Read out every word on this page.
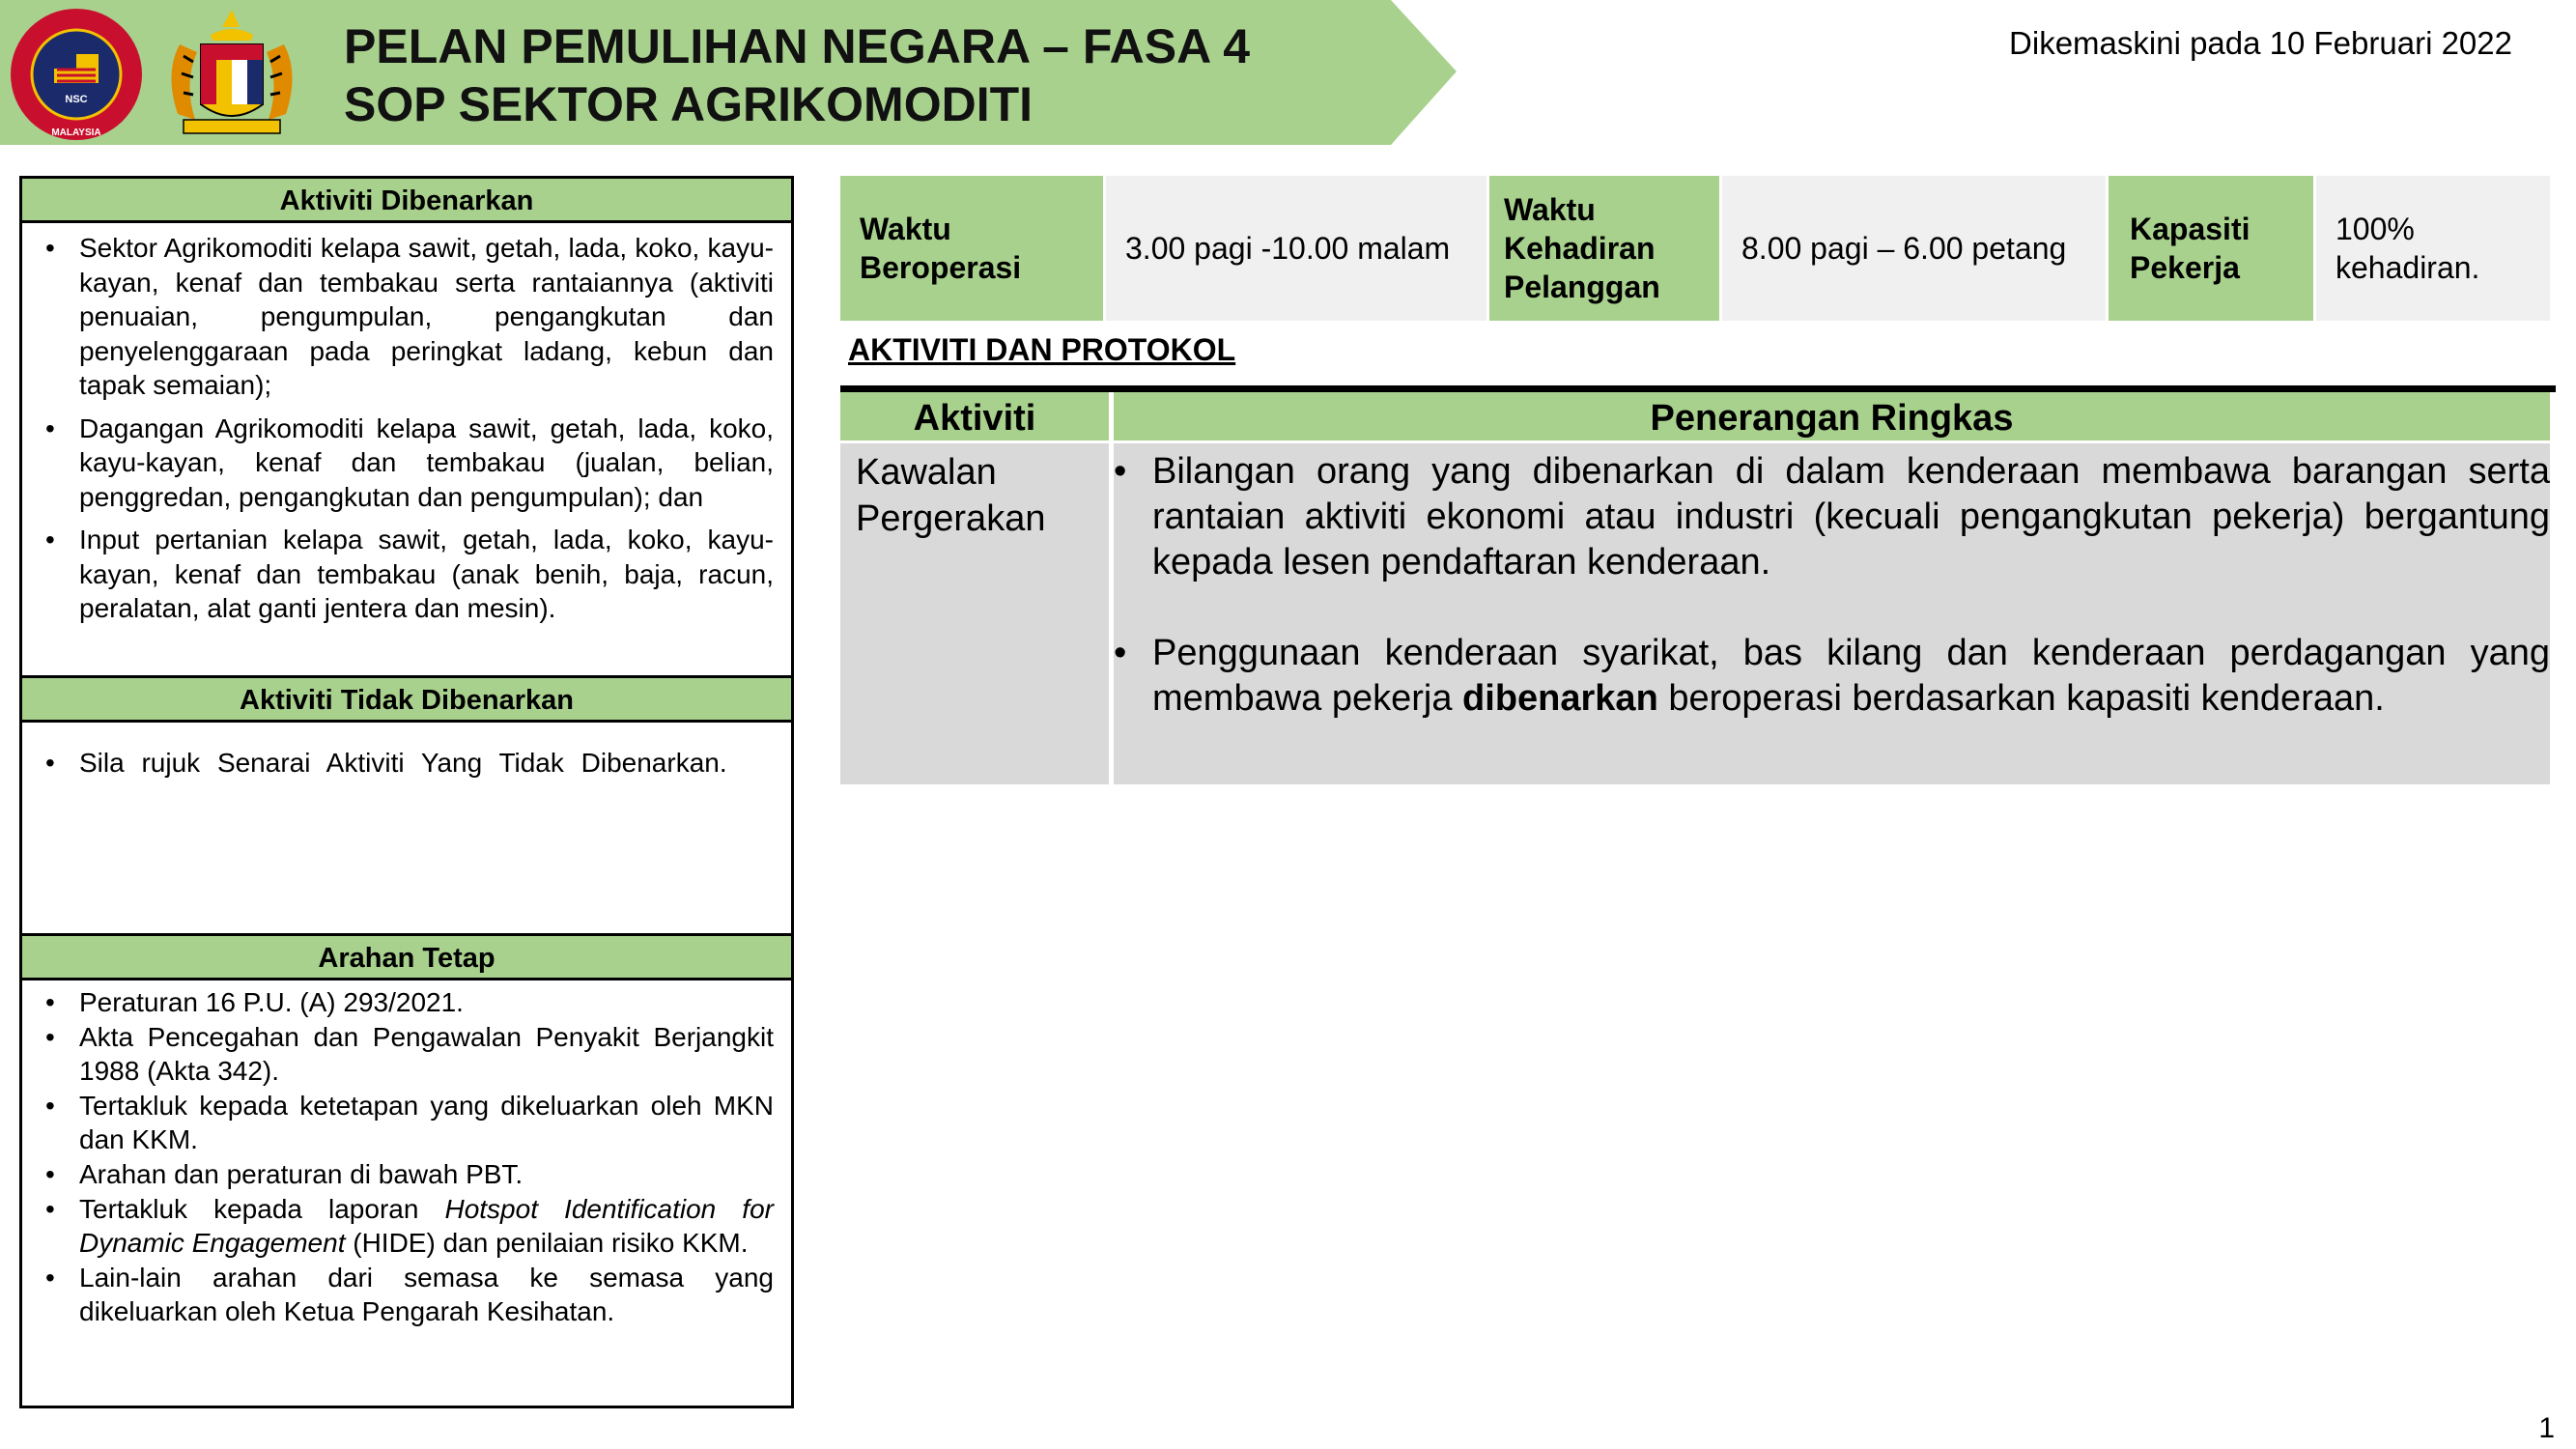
NSC
MALAYSIA
PELAN PEMULIHAN NEGARA – FASA 4
SOP SEKTOR AGRIKOMODITI
Dikemaskini pada 10 Februari 2022
Aktiviti Dibenarkan
• Sektor Agrikomoditi kelapa sawit, getah, lada, koko, kayu-kayan, kenaf dan tembakau serta rantaiannya (aktiviti penuaian, pengumpulan, pengangkutan dan penyelenggaraan pada peringkat ladang, kebun dan tapak semaian);
• Dagangan Agrikomoditi kelapa sawit, getah, lada, koko, kayu-kayan, kenaf dan tembakau (jualan, belian, penggredan, pengangkutan dan pengumpulan); dan
• Input pertanian kelapa sawit, getah, lada, koko, kayu-kayan, kenaf dan tembakau (anak benih, baja, racun, peralatan, alat ganti jentera dan mesin).
Aktiviti Tidak Dibenarkan
• Sila rujuk Senarai Aktiviti Yang Tidak Dibenarkan.
Arahan Tetap
• Peraturan 16 P.U. (A) 293/2021.
• Akta Pencegahan dan Pengawalan Penyakit Berjangkit 1988 (Akta 342).
• Tertakluk kepada ketetapan yang dikeluarkan oleh MKN dan KKM.
• Arahan dan peraturan di bawah PBT.
• Tertakluk kepada laporan Hotspot Identification for Dynamic Engagement (HIDE) dan penilaian risiko KKM.
• Lain-lain arahan dari semasa ke semasa yang dikeluarkan oleh Ketua Pengarah Kesihatan.
Waktu Beroperasi
3.00 pagi -10.00 malam
Waktu Kehadiran Pelanggan
8.00 pagi – 6.00 petang
Kapasiti Pekerja
100% kehadiran.
AKTIVITI DAN PROTOKOL
Aktiviti	Penerangan Ringkas
Kawalan Pergerakan

• Bilangan orang yang dibenarkan di dalam kenderaan membawa barangan serta rantaian aktiviti ekonomi atau industri (kecuali pengangkutan pekerja) bergantung kepada lesen pendaftaran kenderaan.

• Penggunaan kenderaan syarikat, bas kilang dan kenderaan perdagangan yang membawa pekerja dibenarkan beroperasi berdasarkan kapasiti kenderaan.

1
